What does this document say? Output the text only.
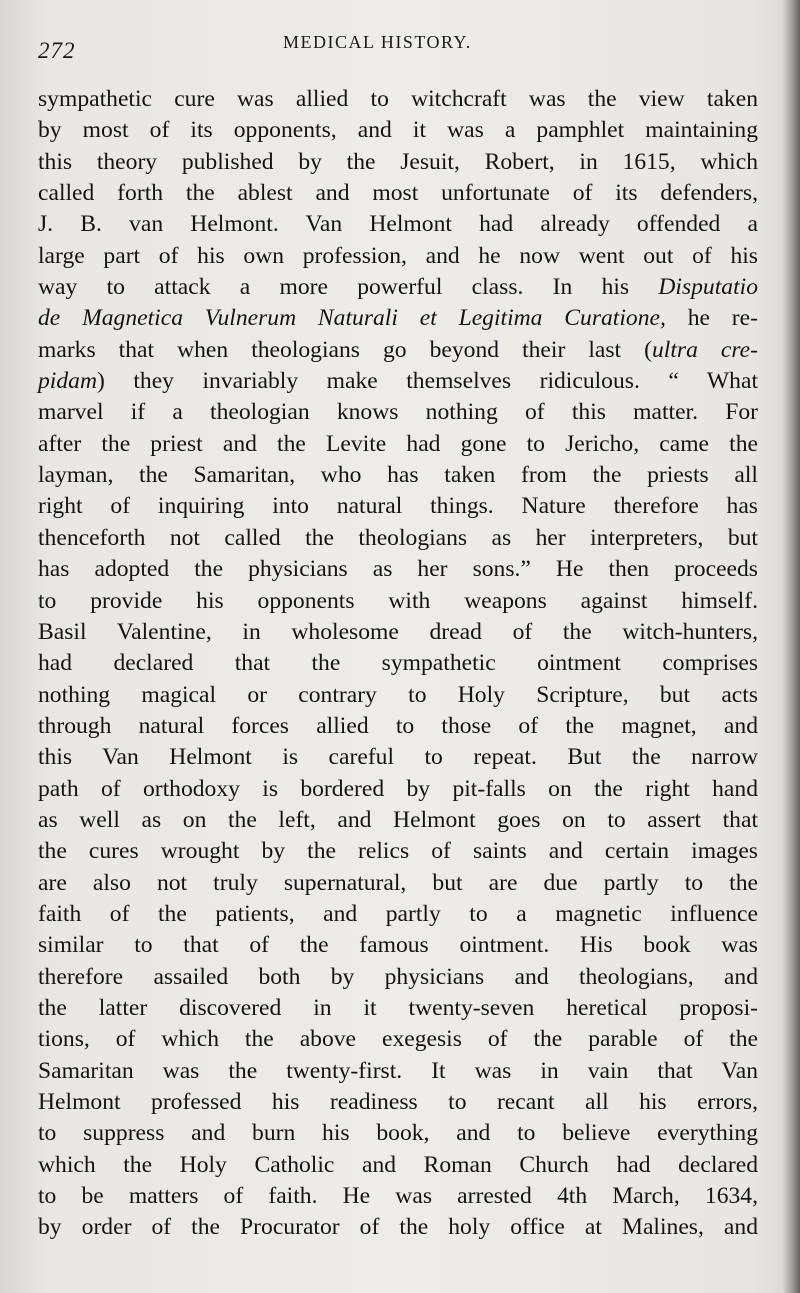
272	MEDICAL HISTORY.
sympathetic cure was allied to witchcraft was the view taken
by most of its opponents, and it was a pamphlet maintaining
this theory published by the Jesuit, Robert, in 1615, which
called forth the ablest and most unfortunate of its defenders,
J. B. van Helmont. Van Helmont had already offended a
large part of his own profession, and he now went out of his
way to attack a more powerful class. In his Disputatio
de Magnetica Vulnerum Naturali et Legitima Curatione, he re-
marks that when theologians go beyond their last (ultra cre-
pidam) they invariably make themselves ridiculous. “ What
marvel if a theologian knows nothing of this matter. For
after the priest and the Levite had gone to Jericho, came the
layman, the Samaritan, who has taken from the priests all
right of inquiring into natural things. Nature therefore has
thenceforth not called the theologians as her interpreters, but
has adopted the physicians as her sons.” He then proceeds
to provide his opponents with weapons against himself.
Basil Valentine, in wholesome dread of the witch-hunters,
had declared that the sympathetic ointment comprises
nothing magical or contrary to Holy Scripture, but acts
through natural forces allied to those of the magnet, and
this Van Helmont is careful to repeat. But the narrow
path of orthodoxy is bordered by pit-falls on the right hand
as well as on the left, and Helmont goes on to assert that
the cures wrought by the relics of saints and certain images
are also not truly supernatural, but are due partly to the
faith of the patients, and partly to a magnetic influence
similar to that of the famous ointment. His book was
therefore assailed both by physicians and theologians, and
the latter discovered in it twenty-seven heretical proposi-
tions, of which the above exegesis of the parable of the
Samaritan was the twenty-first. It was in vain that Van
Helmont professed his readiness to recant all his errors,
to suppress and burn his book, and to believe everything
which the Holy Catholic and Roman Church had declared
to be matters of faith. He was arrested 4th March, 1634,
by order of the Procurator of the holy office at Malines, and
